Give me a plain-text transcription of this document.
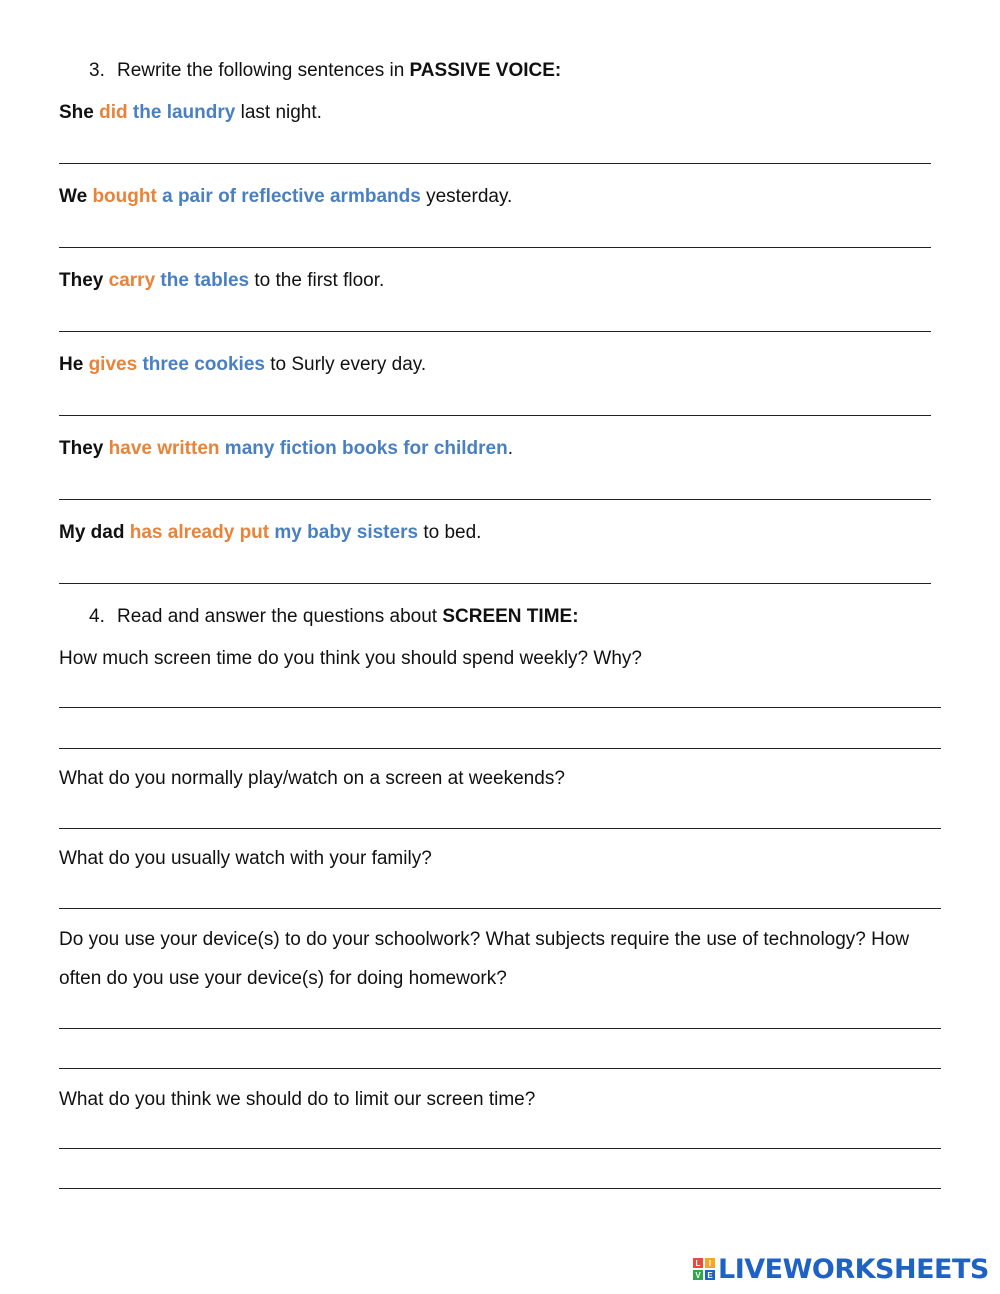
3. Rewrite the following sentences in PASSIVE VOICE:
She did the laundry last night.
We bought a pair of reflective armbands yesterday.
They carry the tables to the first floor.
He gives three cookies to Surly every day.
They have written many fiction books for children.
My dad has already put my baby sisters to bed.
4. Read and answer the questions about SCREEN TIME:
How much screen time do you think you should spend weekly? Why?
What do you normally play/watch on a screen at weekends?
What do you usually watch with your family?
Do you use your device(s) to do your schoolwork? What subjects require the use of technology? How
often do you use your device(s) for doing homework?
What do you think we should do to limit our screen time?
L	I
V E LIVEWORKSHEETS
